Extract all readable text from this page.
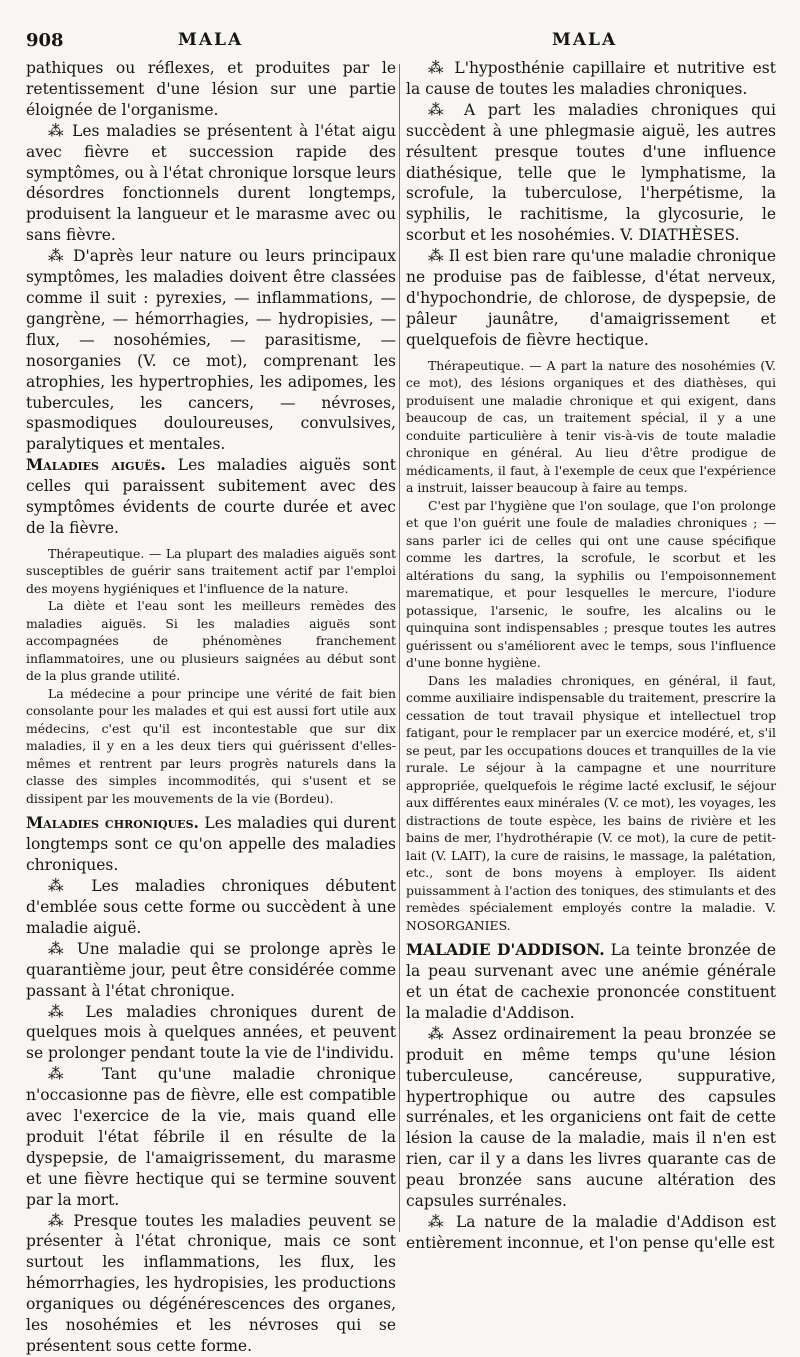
908	MALA	MALA

pathiques ou réflexes, et produites par le retentissement d'une lésion sur une partie éloignée de l'organisme.

⁂ Les maladies se présentent à l'état aigu avec fièvre et succession rapide des symptômes, ou à l'état chronique lorsque leurs désordres fonctionnels durent longtemps, produisent la langueur et le marasme avec ou sans fièvre.

⁂ D'après leur nature ou leurs principaux symptômes, les maladies doivent être classées comme il suit : pyrexies, — inflammations, — gangrène, — hémorrhagies, — hydropisies, — flux, — nosohémies, — parasitisme, — nosorganies (V. ce mot), comprenant les atrophies, les hypertrophies, les adipomes, les tubercules, les cancers, — névroses, spasmodiques douloureuses, convulsives, paralytiques et mentales.

Maladies aiguës. Les maladies aiguës sont celles qui paraissent subitement avec des symptômes évidents de courte durée et avec de la fièvre.

Thérapeutique. — La plupart des maladies aiguës sont susceptibles de guérir sans traitement actif par l'emploi des moyens hygiéniques et l'influence de la nature.

La diète et l'eau sont les meilleurs remèdes des maladies aiguës. Si les maladies aiguës sont accompagnées de phénomènes franchement inflammatoires, une ou plusieurs saignées au début sont de la plus grande utilité.

La médecine a pour principe une vérité de fait bien consolante pour les malades et qui est aussi fort utile aux médecins, c'est qu'il est incontestable que sur dix maladies, il y en a les deux tiers qui guérissent d'elles-mêmes et rentrent par leurs progrès naturels dans la classe des simples incommodités, qui s'usent et se dissipent par les mouvements de la vie (Bordeu).

Maladies chroniques. Les maladies qui durent longtemps sont ce qu'on appelle des maladies chroniques.

⁂ Les maladies chroniques débutent d'emblée sous cette forme ou succèdent à une maladie aiguë.

⁂ Une maladie qui se prolonge après le quarantième jour, peut être considérée comme passant à l'état chronique.

⁂ Les maladies chroniques durent de quelques mois à quelques années, et peuvent se prolonger pendant toute la vie de l'individu.

⁂ Tant qu'une maladie chronique n'occasionne pas de fièvre, elle est compatible avec l'exercice de la vie, mais quand elle produit l'état fébrile il en résulte de la dyspepsie, de l'amaigrissement, du marasme et une fièvre hectique qui se termine souvent par la mort.

⁂ Presque toutes les maladies peuvent se présenter à l'état chronique, mais ce sont surtout les inflammations, les flux, les hémorrhagies, les hydropisies, les productions organiques ou dégénérescences des organes, les nosohémies et les névroses qui se présentent sous cette forme.

⁂ L'hyposthénie capillaire et nutritive est la cause de toutes les maladies chroniques.

⁂ A part les maladies chroniques qui succèdent à une phlegmasie aiguë, les autres résultent presque toutes d'une influence diathésique, telle que le lymphatisme, la scrofule, la tuberculose, l'herpétisme, la syphilis, le rachitisme, la glycosurie, le scorbut et les nosohémies. V. DIATHÈSES.

⁂ Il est bien rare qu'une maladie chronique ne produise pas de faiblesse, d'état nerveux, d'hypochondrie, de chlorose, de dyspepsie, de pâleur jaunâtre, d'amaigrissement et quelquefois de fièvre hectique.

Thérapeutique. — A part la nature des nosohémies (V. ce mot), des lésions organiques et des diathèses, qui produisent une maladie chronique et qui exigent, dans beaucoup de cas, un traitement spécial, il y a une conduite particulière à tenir vis-à-vis de toute maladie chronique en général. Au lieu d'être prodigue de médicaments, il faut, à l'exemple de ceux que l'expérience a instruit, laisser beaucoup à faire au temps.

C'est par l'hygiène que l'on soulage, que l'on prolonge et que l'on guérit une foule de maladies chroniques ; — sans parler ici de celles qui ont une cause spécifique comme les dartres, la scrofule, le scorbut et les altérations du sang, la syphilis ou l'empoisonnement marematique, et pour lesquelles le mercure, l'iodure potassique, l'arsenic, le soufre, les alcalins ou le quinquina sont indispensables ; presque toutes les autres guérissent ou s'améliorent avec le temps, sous l'influence d'une bonne hygiène.

Dans les maladies chroniques, en général, il faut, comme auxiliaire indispensable du traitement, prescrire la cessation de tout travail physique et intellectuel trop fatigant, pour le remplacer par un exercice modéré, et, s'il se peut, par les occupations douces et tranquilles de la vie rurale. Le séjour à la campagne et une nourriture appropriée, quelquefois le régime lacté exclusif, le séjour aux différentes eaux minérales (V. ce mot), les voyages, les distractions de toute espèce, les bains de rivière et les bains de mer, l'hydrothérapie (V. ce mot), la cure de petit-lait (V. LAIT), la cure de raisins, le massage, la palétation, etc., sont de bons moyens à employer. Ils aident puissamment à l'action des toniques, des stimulants et des remèdes spécialement employés contre la maladie. V. NOSORGANIES.

MALADIE D'ADDISON. La teinte bronzée de la peau survenant avec une anémie générale et un état de cachexie prononcée constituent la maladie d'Addison.

⁂ Assez ordinairement la peau bronzée se produit en même temps qu'une lésion tuberculeuse, cancéreuse, suppurative, hypertrophique ou autre des capsules surrénales, et les organiciens ont fait de cette lésion la cause de la maladie, mais il n'en est rien, car il y a dans les livres quarante cas de peau bronzée sans aucune altération des capsules surrénales.

⁂ La nature de la maladie d'Addison est entièrement inconnue, et l'on pense qu'elle est
